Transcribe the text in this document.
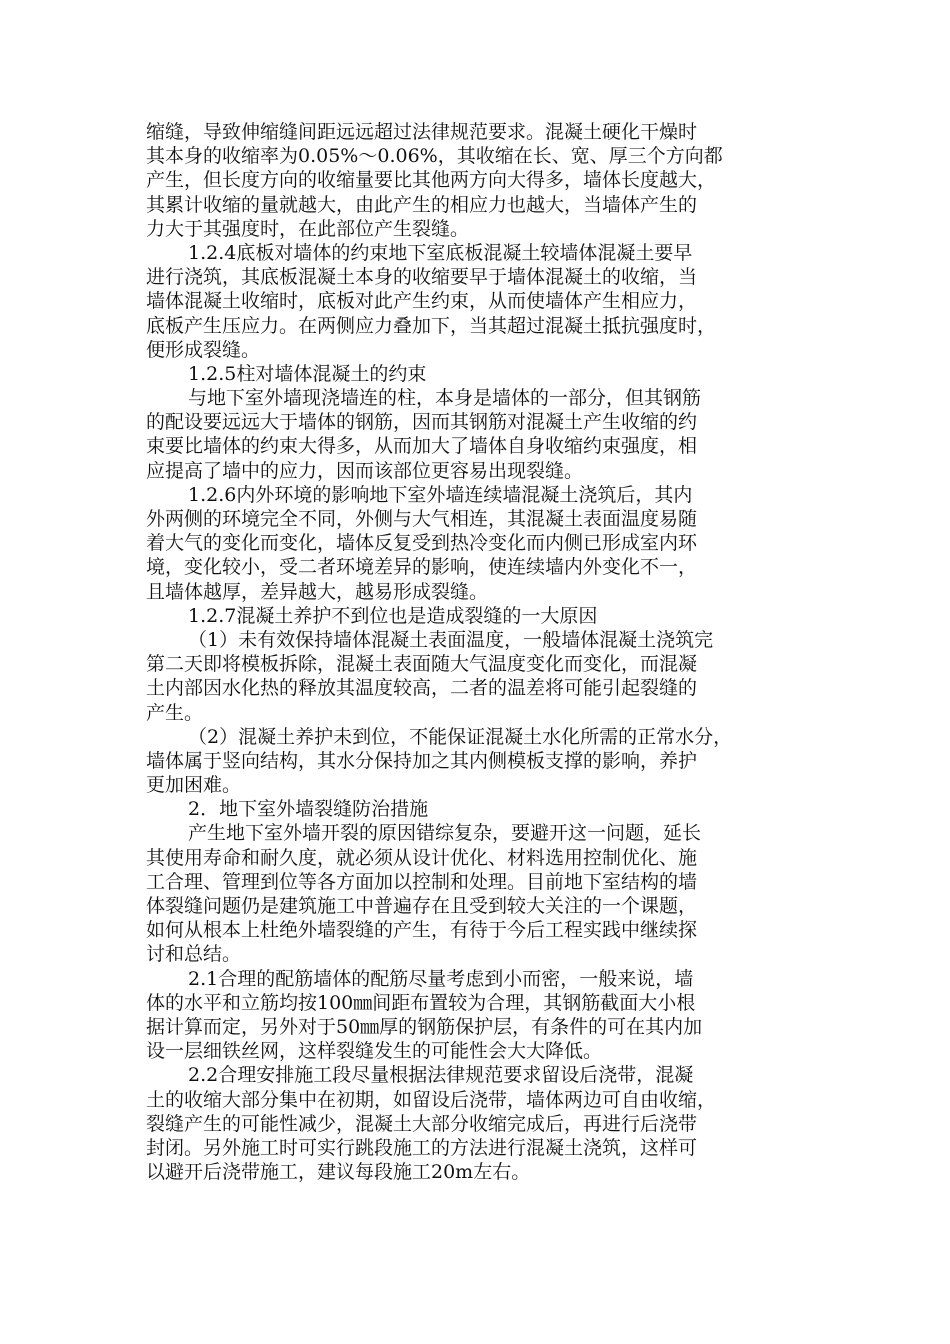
缩缝，导致伸缩缝间距远远超过法律规范要求。混凝土硬化干燥时
其本身的收缩率为0.05%～0.06%，其收缩在长、宽、厚三个方向都
产生，但长度方向的收缩量要比其他两方向大得多，墙体长度越大，
其累计收缩的量就越大，由此产生的相应力也越大，当墙体产生的
力大于其强度时，在此部位产生裂缝。
1.2.4底板对墙体的约束地下室底板混凝土较墙体混凝土要早
进行浇筑，其底板混凝土本身的收缩要早于墙体混凝土的收缩，当
墙体混凝土收缩时，底板对此产生约束，从而使墙体产生相应力，
底板产生压应力。在两侧应力叠加下，当其超过混凝土抵抗强度时，
便形成裂缝。
1.2.5柱对墙体混凝土的约束
与地下室外墙现浇墙连的柱，本身是墙体的一部分，但其钢筋
的配设要远远大于墙体的钢筋，因而其钢筋对混凝土产生收缩的约
束要比墙体的约束大得多，从而加大了墙体自身收缩约束强度，相
应提高了墙中的应力，因而该部位更容易出现裂缝。
1.2.6内外环境的影响地下室外墙连续墙混凝土浇筑后，其内
外两侧的环境完全不同，外侧与大气相连，其混凝土表面温度易随
着大气的变化而变化，墙体反复受到热冷变化而内侧已形成室内环
境，变化较小，受二者环境差异的影响，使连续墙内外变化不一，
且墙体越厚，差异越大，越易形成裂缝。
1.2.7混凝土养护不到位也是造成裂缝的一大原因
（1）未有效保持墙体混凝土表面温度，一般墙体混凝土浇筑完
第二天即将模板拆除，混凝土表面随大气温度变化而变化，而混凝
土内部因水化热的释放其温度较高，二者的温差将可能引起裂缝的
产生。
（2）混凝土养护未到位，不能保证混凝土水化所需的正常水分，
墙体属于竖向结构，其水分保持加之其内侧模板支撑的影响，养护
更加困难。
2．地下室外墙裂缝防治措施
产生地下室外墙开裂的原因错综复杂，要避开这一问题，延长
其使用寿命和耐久度，就必须从设计优化、材料选用控制优化、施
工合理、管理到位等各方面加以控制和处理。目前地下室结构的墙
体裂缝问题仍是建筑施工中普遍存在且受到较大关注的一个课题，
如何从根本上杜绝外墙裂缝的产生，有待于今后工程实践中继续探
讨和总结。
2.1合理的配筋墙体的配筋尽量考虑到小而密，一般来说，墙
体的水平和立筋均按100㎜间距布置较为合理，其钢筋截面大小根
据计算而定，另外对于50㎜厚的钢筋保护层，有条件的可在其内加
设一层细铁丝网，这样裂缝发生的可能性会大大降低。
2.2合理安排施工段尽量根据法律规范要求留设后浇带，混凝
土的收缩大部分集中在初期，如留设后浇带，墙体两边可自由收缩，
裂缝产生的可能性减少，混凝土大部分收缩完成后，再进行后浇带
封闭。另外施工时可实行跳段施工的方法进行混凝土浇筑，这样可
以避开后浇带施工，建议每段施工20m左右。
